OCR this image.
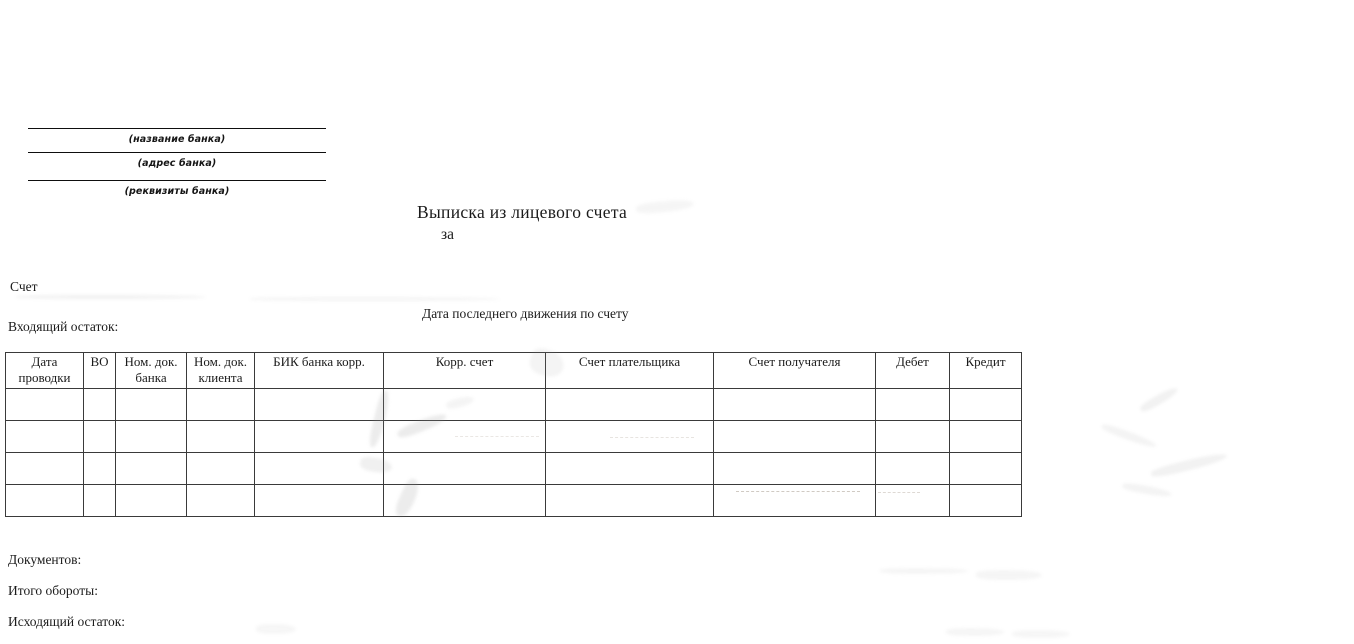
(название банка)
(адрес банка)
(реквизиты банка)
Выписка из лицевого счета
за
Счет
Дата последнего движения по счету
Входящий остаток:
Дата проводки	ВО	Ном. док. банка	Ном. док. клиента	БИК банка корр.	Корр. счет	Счет плательщика	Счет получателя	Дебет	Кредит

Документов:
Итого обороты:
Исходящий остаток:
